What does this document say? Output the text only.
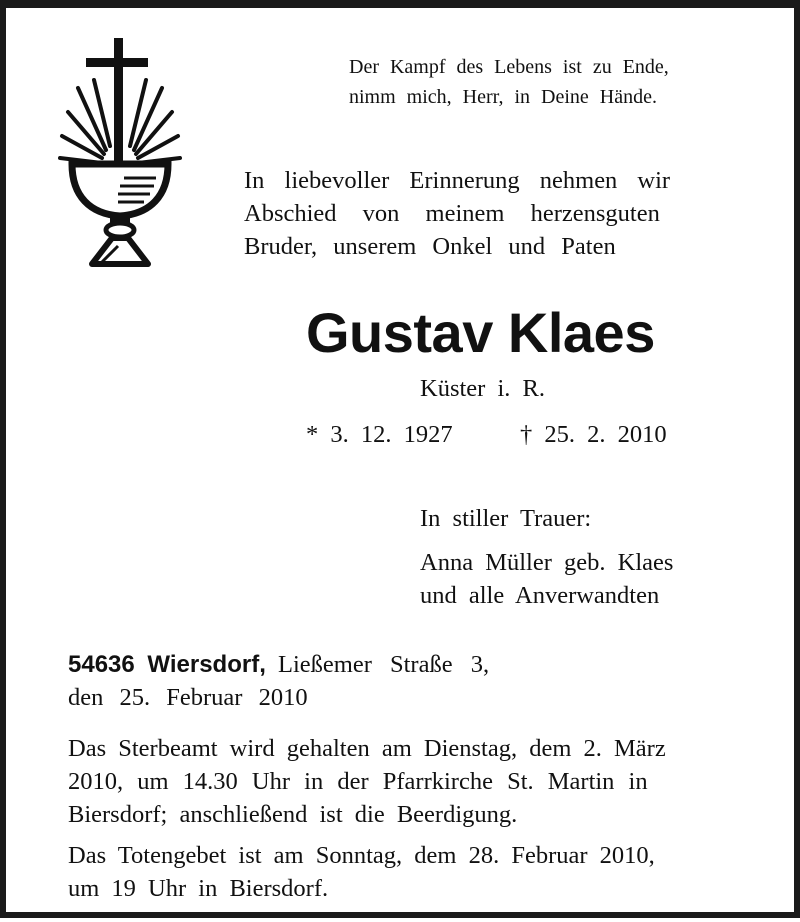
Der Kampf des Lebens ist zu Ende,
nimm mich, Herr, in Deine Hände.
In liebevoller Erinnerung nehmen wir
Abschied von meinem herzensguten
Bruder, unserem Onkel und Paten
Gustav Klaes
Küster i. R.
* 3. 12. 1927	† 25. 2. 2010
In stiller Trauer:
Anna Müller geb. Klaes
und alle Anverwandten
54636 Wiersdorf, Ließemer Straße 3,
den 25. Februar 2010
Das Sterbeamt wird gehalten am Dienstag, dem 2. März
2010, um 14.30 Uhr in der Pfarrkirche St. Martin in
Biersdorf; anschließend ist die Beerdigung.
Das Totengebet ist am Sonntag, dem 28. Februar 2010,
um 19 Uhr in Biersdorf.
